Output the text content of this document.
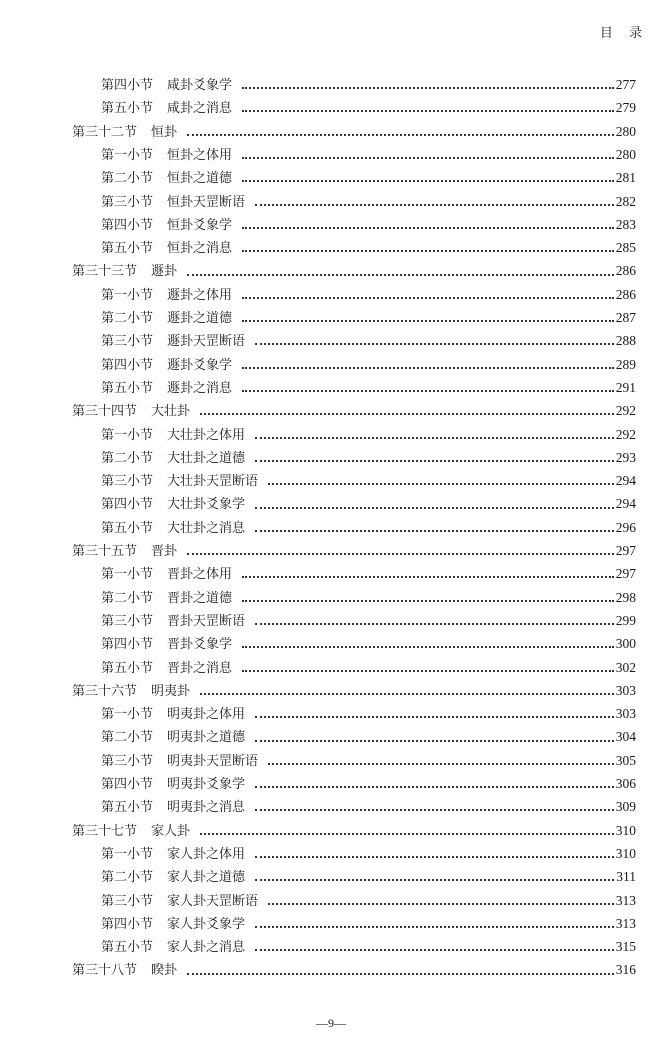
目 录
第四小节 咸卦爻象学	277
第五小节 咸卦之消息	279
第三十二节 恒卦	280
第一小节 恒卦之体用	280
第二小节 恒卦之道德	281
第三小节 恒卦天罡断语	282
第四小节 恒卦爻象学	283
第五小节 恒卦之消息	285
第三十三节 遯卦	286
第一小节 遯卦之体用	286
第二小节 遯卦之道德	287
第三小节 遯卦天罡断语	288
第四小节 遯卦爻象学	289
第五小节 遯卦之消息	291
第三十四节 大壮卦	292
第一小节 大壮卦之体用	292
第二小节 大壮卦之道德	293
第三小节 大壮卦天罡断语	294
第四小节 大壮卦爻象学	294
第五小节 大壮卦之消息	296
第三十五节 晋卦	297
第一小节 晋卦之体用	297
第二小节 晋卦之道德	298
第三小节 晋卦天罡断语	299
第四小节 晋卦爻象学	300
第五小节 晋卦之消息	302
第三十六节 明夷卦	303
第一小节 明夷卦之体用	303
第二小节 明夷卦之道德	304
第三小节 明夷卦天罡断语	305
第四小节 明夷卦爻象学	306
第五小节 明夷卦之消息	309
第三十七节 家人卦	310
第一小节 家人卦之体用	310
第二小节 家人卦之道德	311
第三小节 家人卦天罡断语	313
第四小节 家人卦爻象学	313
第五小节 家人卦之消息	315
第三十八节 睽卦	316
—9—
